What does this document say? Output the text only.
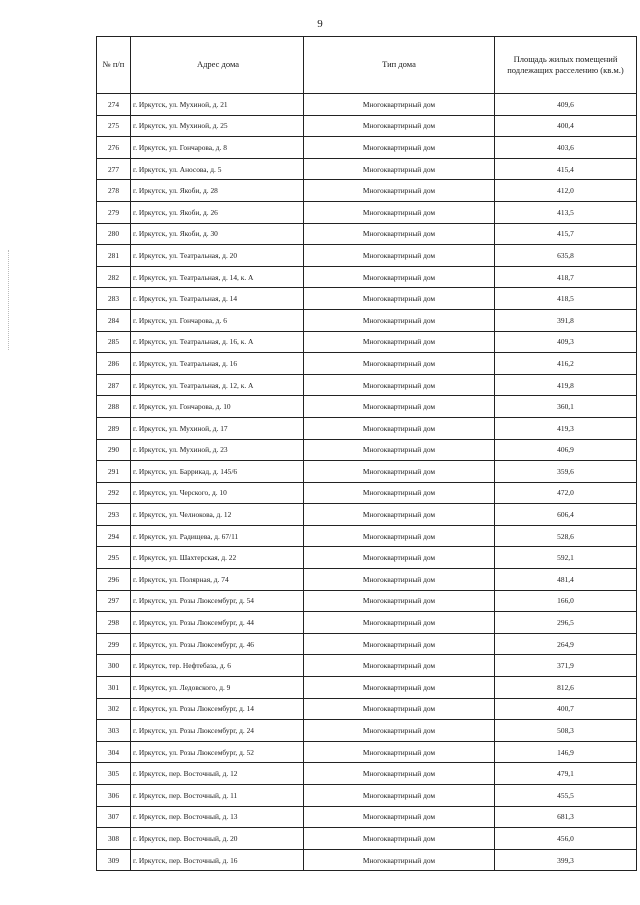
9
№ п/п	Адрес дома	Тип дома	Площадь жилых помещений подлежащих расселению (кв.м.)
274	г. Иркутск, ул. Мухиной, д. 21	Многоквартирный дом	409,6
275	г. Иркутск, ул. Мухиной, д. 25	Многоквартирный дом	400,4
276	г. Иркутск, ул. Гончарова, д. 8	Многоквартирный дом	403,6
277	г. Иркутск, ул. Аносова, д. 5	Многоквартирный дом	415,4
278	г. Иркутск, ул. Якоби, д. 28	Многоквартирный дом	412,0
279	г. Иркутск, ул. Якоби, д. 26	Многоквартирный дом	413,5
280	г. Иркутск, ул. Якоби, д. 30	Многоквартирный дом	415,7
281	г. Иркутск, ул. Театральная, д. 20	Многоквартирный дом	635,8
282	г. Иркутск, ул. Театральная, д. 14, к. А	Многоквартирный дом	418,7
283	г. Иркутск, ул. Театральная, д. 14	Многоквартирный дом	418,5
284	г. Иркутск, ул. Гончарова, д. 6	Многоквартирный дом	391,8
285	г. Иркутск, ул. Театральная, д. 16, к. А	Многоквартирный дом	409,3
286	г. Иркутск, ул. Театральная, д. 16	Многоквартирный дом	416,2
287	г. Иркутск, ул. Театральная, д. 12, к. А	Многоквартирный дом	419,8
288	г. Иркутск, ул. Гончарова, д. 10	Многоквартирный дом	360,1
289	г. Иркутск, ул. Мухиной, д. 17	Многоквартирный дом	419,3
290	г. Иркутск, ул. Мухиной, д. 23	Многоквартирный дом	406,9
291	г. Иркутск, ул. Баррикад, д. 145/6	Многоквартирный дом	359,6
292	г. Иркутск, ул. Черского, д. 10	Многоквартирный дом	472,0
293	г. Иркутск, ул. Челнокова, д. 12	Многоквартирный дом	606,4
294	г. Иркутск, ул. Радищева, д. 67/11	Многоквартирный дом	528,6
295	г. Иркутск, ул. Шахтерская, д. 22	Многоквартирный дом	592,1
296	г. Иркутск, ул. Полярная, д. 74	Многоквартирный дом	481,4
297	г. Иркутск, ул. Розы Люксембург, д. 54	Многоквартирный дом	166,0
298	г. Иркутск, ул. Розы Люксембург, д. 44	Многоквартирный дом	296,5
299	г. Иркутск, ул. Розы Люксембург, д. 46	Многоквартирный дом	264,9
300	г. Иркутск, тер. Нефтебаза, д. 6	Многоквартирный дом	371,9
301	г. Иркутск, ул. Ледовского, д. 9	Многоквартирный дом	812,6
302	г. Иркутск, ул. Розы Люксембург, д. 14	Многоквартирный дом	400,7
303	г. Иркутск, ул. Розы Люксембург, д. 24	Многоквартирный дом	508,3
304	г. Иркутск, ул. Розы Люксембург, д. 52	Многоквартирный дом	146,9
305	г. Иркутск, пер. Восточный, д. 12	Многоквартирный дом	479,1
306	г. Иркутск, пер. Восточный, д. 11	Многоквартирный дом	455,5
307	г. Иркутск, пер. Восточный, д. 13	Многоквартирный дом	681,3
308	г. Иркутск, пер. Восточный, д. 20	Многоквартирный дом	456,0
309	г. Иркутск, пер. Восточный, д. 16	Многоквартирный дом	399,3
